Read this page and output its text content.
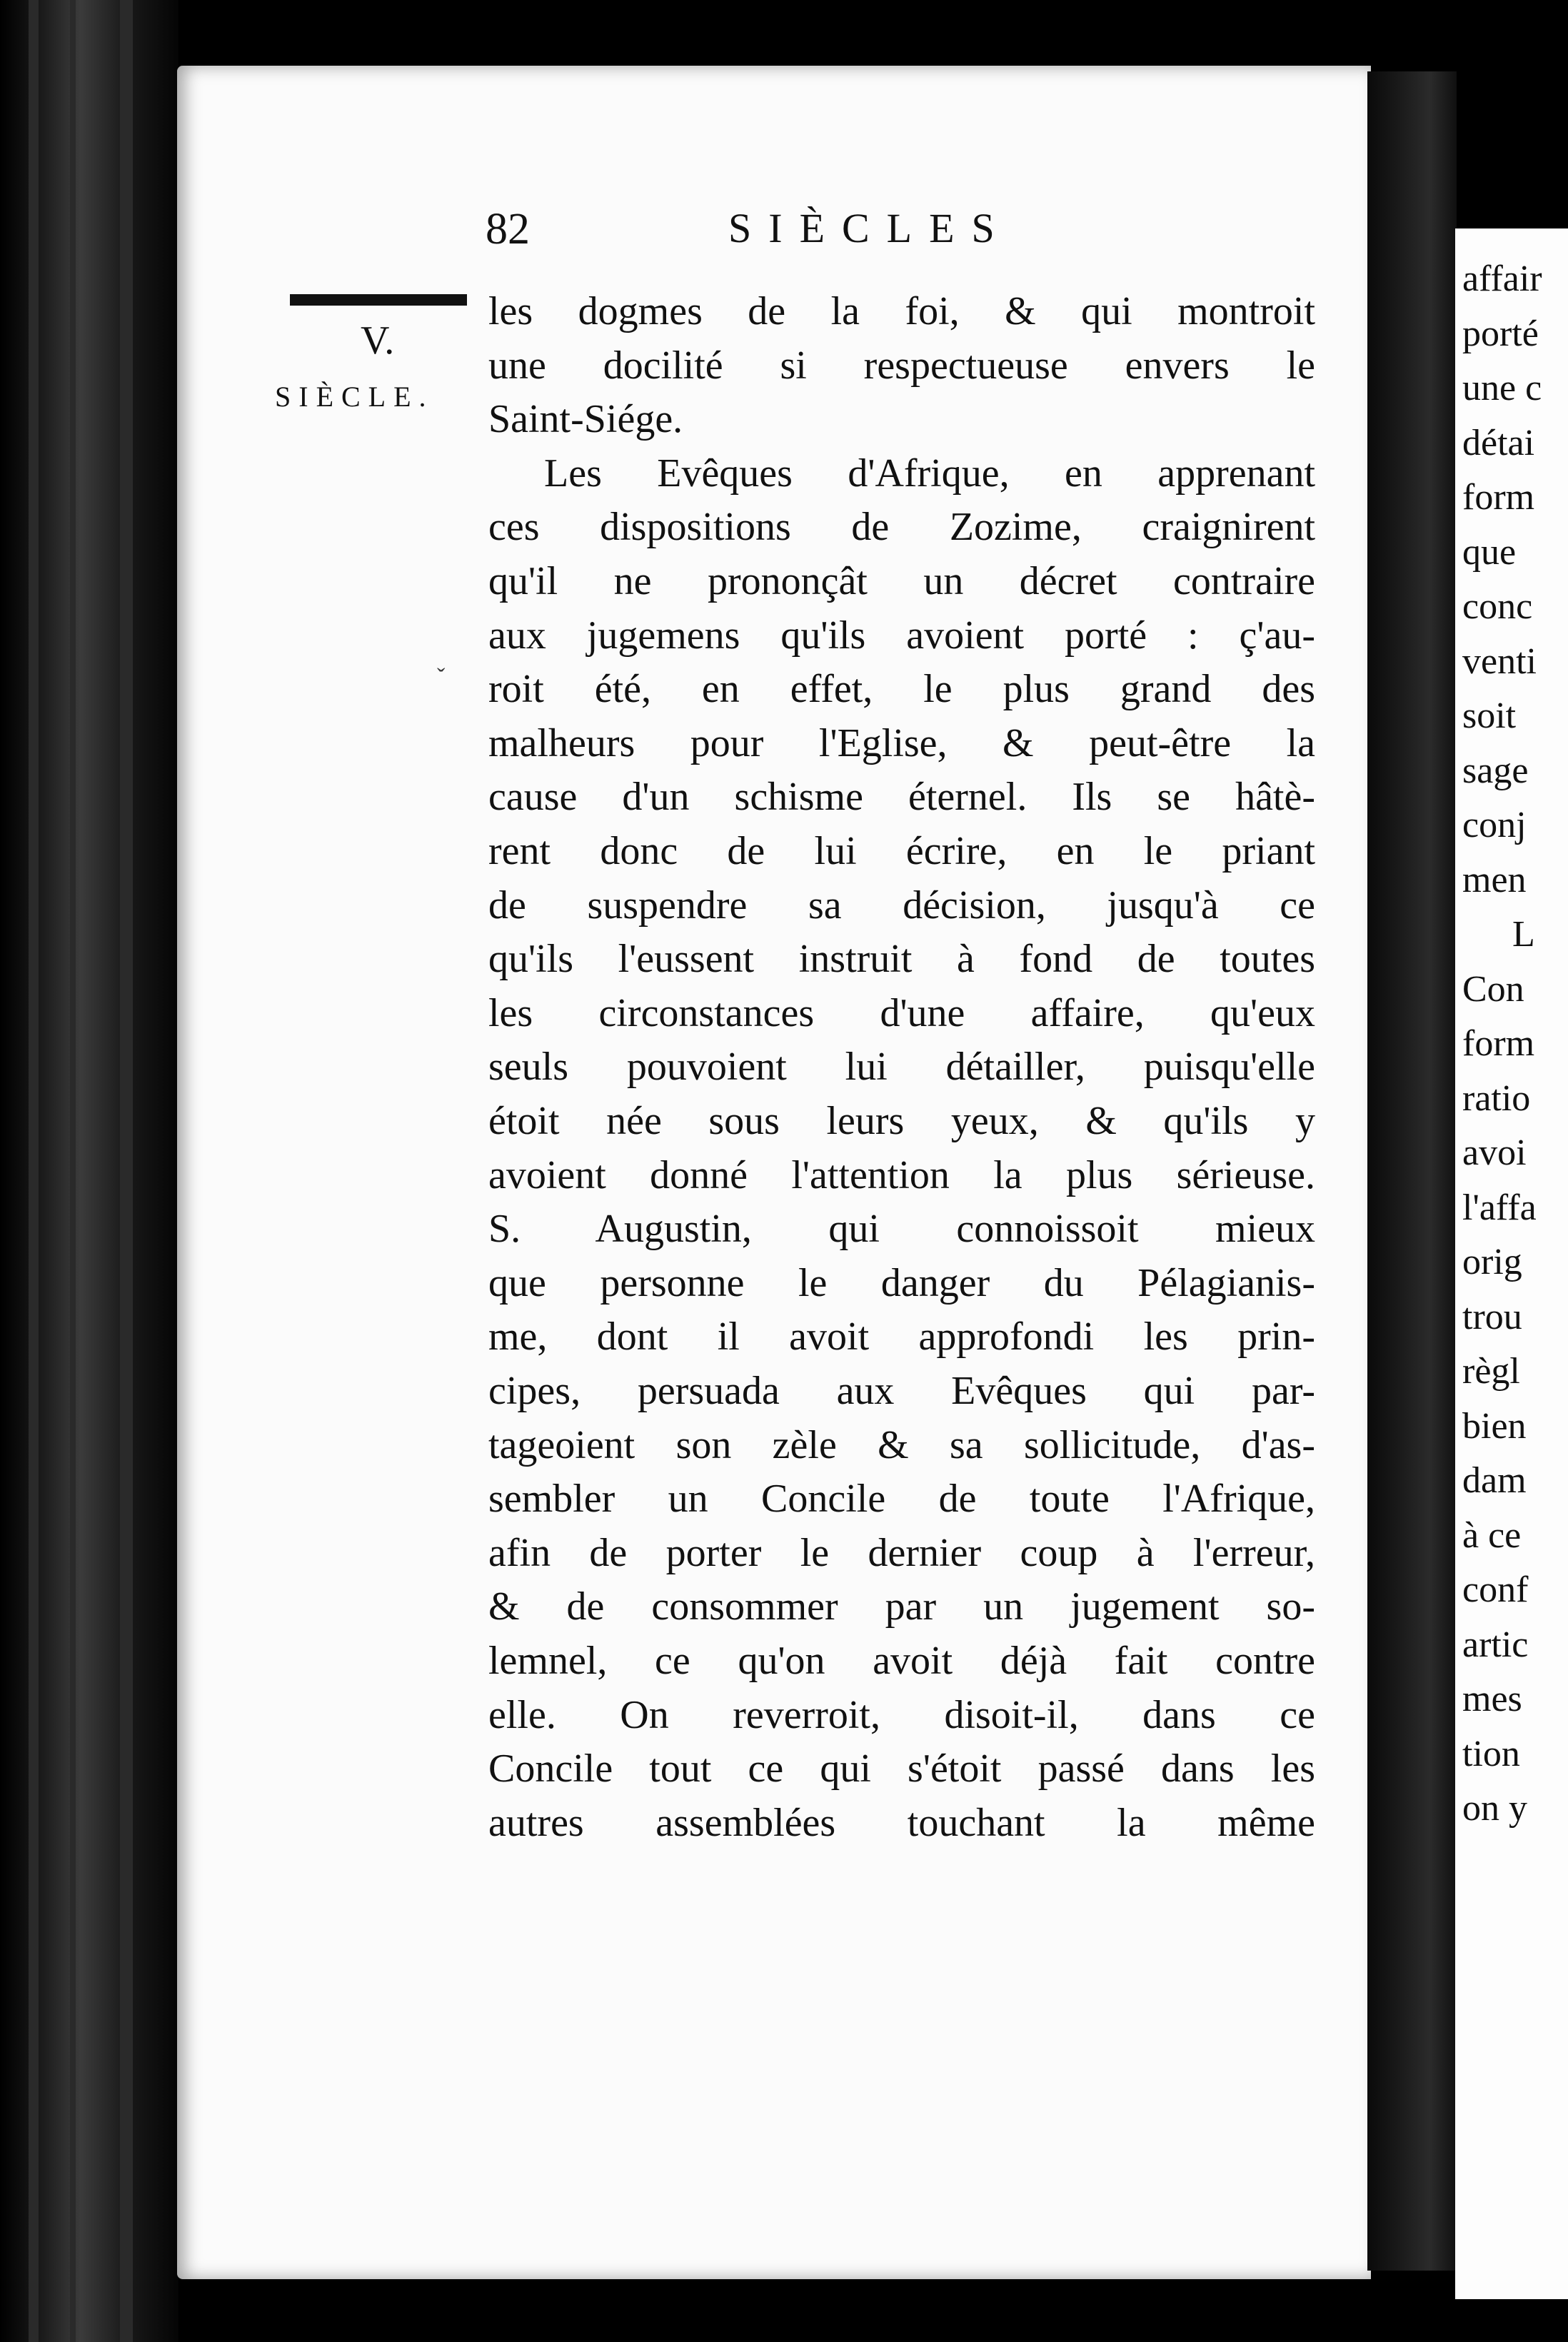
affair
porté
une c
détai
form
que
conc
venti
soit
sage
conj
men
L
Con
form
ratio
avoi
l'affa
orig
trou
règl
bien
dam
à ce
conf
artic
mes
tion
on y
82	SIÈCLES
V.
SIÈCLE.
ˇ
les dogmes de la foi, & qui montroit
une docilité si respectueuse envers le
Saint-Siége.
Les Evêques d'Afrique, en apprenant
ces dispositions de Zozime, craignirent
qu'il ne prononçât un décret contraire
aux jugemens qu'ils avoient porté : ç'au-
roit été, en effet, le plus grand des
malheurs pour l'Eglise, & peut-être la
cause d'un schisme éternel. Ils se hâtè-
rent donc de lui écrire, en le priant
de suspendre sa décision, jusqu'à ce
qu'ils l'eussent instruit à fond de toutes
les circonstances d'une affaire, qu'eux
seuls pouvoient lui détailler, puisqu'elle
étoit née sous leurs yeux, & qu'ils y
avoient donné l'attention la plus sérieuse.
S. Augustin, qui connoissoit mieux
que personne le danger du Pélagianis-
me, dont il avoit approfondi les prin-
cipes, persuada aux Evêques qui par-
tageoient son zèle & sa sollicitude, d'as-
sembler un Concile de toute l'Afrique,
afin de porter le dernier coup à l'erreur,
& de consommer par un jugement so-
lemnel, ce qu'on avoit déjà fait contre
elle. On reverroit, disoit-il, dans ce
Concile tout ce qui s'étoit passé dans les
autres assemblées touchant la même
